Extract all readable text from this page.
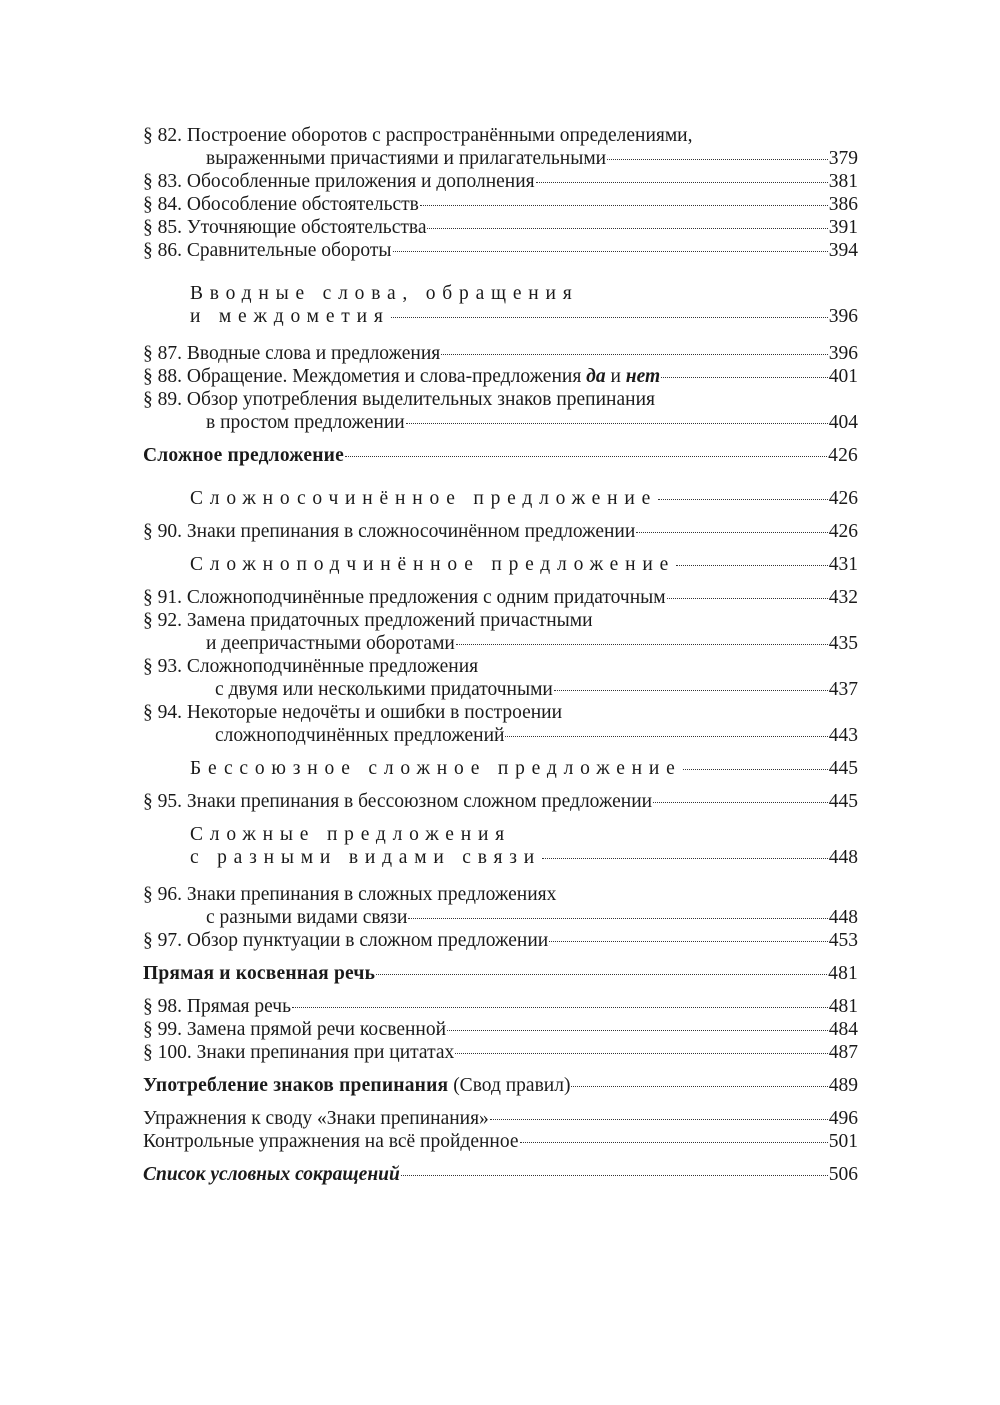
§ 82. Построение оборотов с распространёнными определениями,
выраженными причастиями и прилагательными	379
§ 83. Обособленные приложения и дополнения	381
§ 84. Обособление обстоятельств	386
§ 85. Уточняющие обстоятельства	391
§ 86. Сравнительные обороты	394
Вводные слова, обращения
и междометия	396
§ 87. Вводные слова и предложения	396
§ 88. Обращение. Междометия и слова-предложения да и нет	401
§ 89. Обзор употребления выделительных знаков препинания
в простом предложении	404
Сложное предложение	426
Сложносочинённое предложение	426
§ 90. Знаки препинания в сложносочинённом предложении	426
Сложноподчинённое предложение	431
§ 91. Сложноподчинённые предложения с одним придаточным	432
§ 92. Замена придаточных предложений причастными
и деепричастными оборотами	435
§ 93. Сложноподчинённые предложения
с двумя или несколькими придаточными	437
§ 94. Некоторые недочёты и ошибки в построении
сложноподчинённых предложений	443
Бессоюзное сложное предложение	445
§ 95. Знаки препинания в бессоюзном сложном предложении	445
Сложные предложения
с разными видами связи	448
§ 96. Знаки препинания в сложных предложениях
с разными видами связи	448
§ 97. Обзор пунктуации в сложном предложении	453
Прямая и косвенная речь	481
§ 98. Прямая речь	481
§ 99. Замена прямой речи косвенной	484
§ 100. Знаки препинания при цитатах	487
Употребление знаков препинания (Свод правил)	489
Упражнения к своду «Знаки препинания»	496
Контрольные упражнения на всё пройденное	501
Список условных сокращений	506
